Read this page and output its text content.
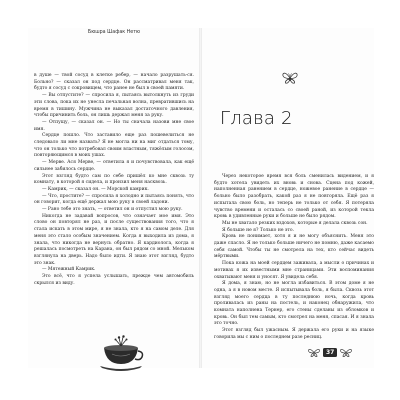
Бюшра Шафак Нетю

в душе — твой сосуд в клетке ребер, — начало разрушать-ся. Больно? — сказал он под сердце. Он рассматривал меня так, будто я сосуд с сокровищем, что ранее не был в своей памяти.

— Вы отпустите? — спросила я, пытаясь вытолкнуть из груди эти слова, пока их не унесла печальная волна, превратившись на время в тишину. Мужчина не выказал достаточного давления, чтобы причинить боль, он лишь держал меня за руку.

— Отпущу, — сказал он. — Но ты сначала назови мне свое имя.

Сердце пошло. Что заставило еще раз пошевелиться не следовало ли мне назвать? Я не могла ни на миг отдаться тому, что он только что потребовал своим властным, тяжёлым голосом, повторяющимся в моих ушах.

— Мерве. Ася Мерве, — ответила я и почувствовала, как ещё сильнее забилось сердце.

Этот взгляд будто сам по себе пришёл ко мне сквозь ту комнату, в которой я сидела, и пронзил меня насквозь.

— Камрик, — сказал он. — Морской камрик.

— Что, простите? — спросила я холодно и пытаясь понять, что он говорит, когда ещё держал мою руку в своей ладони.

— Рано тебе это знать, — ответил он и отпустил мою руку.

Никогда не задавай вопросов, что означает мое имя. Это слово он повторял не раз, и после существования того, что я стала искать в этом мире, я не знала, кто я на самом деле. Для меня это стало особым значением. Когда я выходила из дома, я знала, что никогда не вернусь обратно. Я кардиолога, когда я решалась посмотреть на Карана, он был рядом со мной. Мельком взглянула на дверь. Надо было идти. Я знаю этот взгляд, будто это знак.

— Мятежный Камрик.

Это всё, что я успела услышать, прежде чем автомобиль скрылся из виду.

Глава 2

Через некоторое время вся боль сменилась видением, и я будто хотела увидеть их вновь и снова. Сцена под кожей, наполненная ранением в сердце, ножевое ранение в сердце — больно было разобрать, какой раз я не повторяла. Ещё раз я испытала свою боль, но теперь не только от себя. Я потеряла чувство времени и осталась со своей раной, из которой текла кровь в удивленные руки и больше не было рядом.

Мы не хватало резких вздохов, которые я делала сквозь сон.

Я больше не я? Только не это.

Кровь не понимает, хотя я и не могу объяснить. Меня это даже спасло. Я не только больше ничего не помню, даже касаемо себя самой. Чтобы ты не смотрела на тех, кто сейчас видеть мёртвыми.

Пока кожа на моей сердцем заживала, а мысли о причинах и мотивах я их известными мне страницами. Эти воспоминания охватывают меня и уносят. Я увидела себя.

Я дома, я знаю, но не могла избавиться. В этом доме я не одна, а я в новом месте. Я испытывала боль, я была. Сквозь этот взгляд моего сердца в ту последнюю ночь, когда кровь проливалась из раны на постель, и наконец обнаружила, что комната наполнена Тернер, его стены сделаны из обломков и кровь. Он был тем самым, кто смотрел на меня, спасая. И я знала это точно.

Этот взгляд был ужасным. Я держала его руки и на языке говорила мы с ним о последнем разе ресниц.

37
